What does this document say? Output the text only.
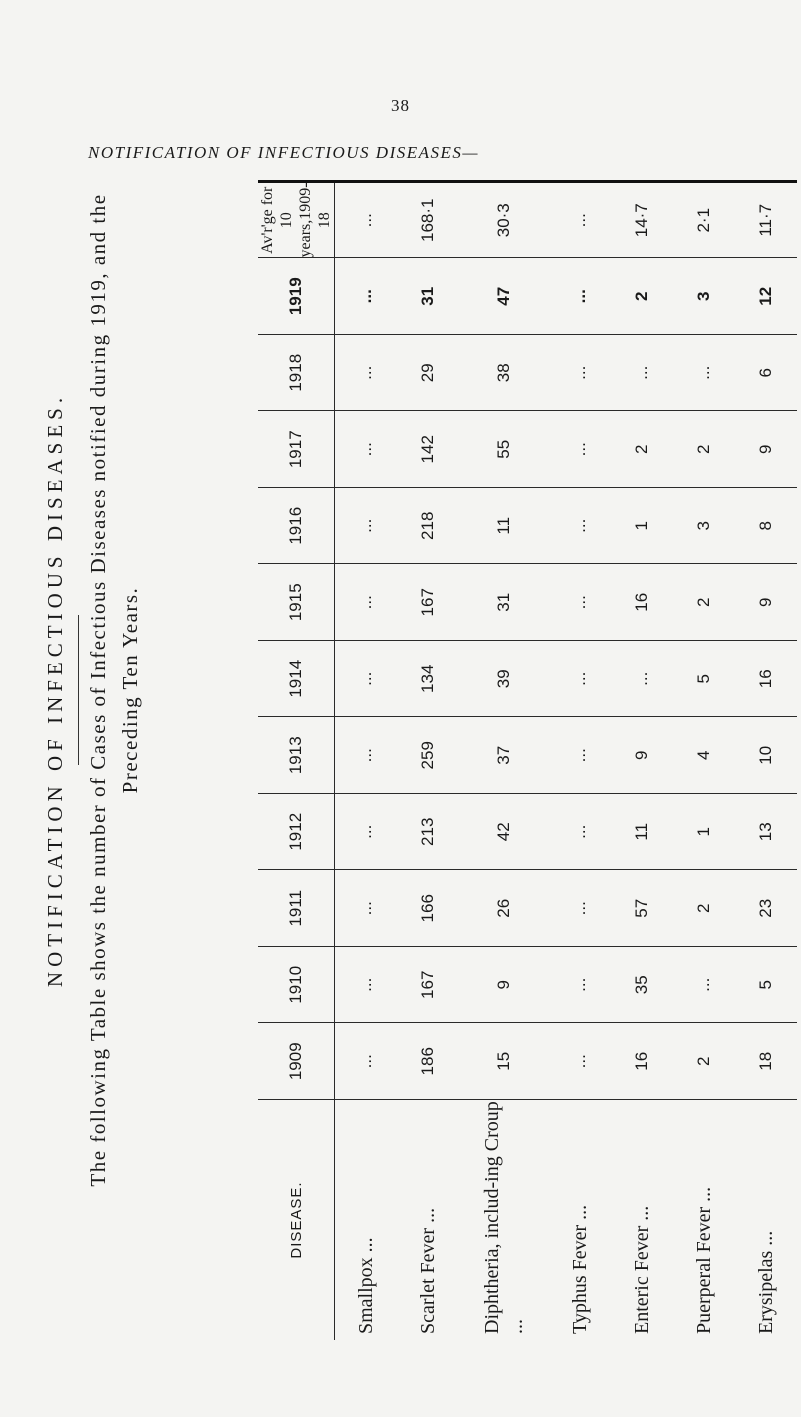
38
NOTIFICATION OF INFECTIOUS DISEASES—
NOTIFICATION OF INFECTIOUS DISEASES. The following Table shows the number of Cases of Infectious Diseases notified during 1919, and the Preceding Ten Years.
DISEASE.	1909	1910	1911	1912	1913	1914	1915	1916	1917	1918	1919	Av'r'ge for 10 years,1909-18
Smallpox ...	...	...	...	...	...	...	...	...	...	...	...	...
Scarlet Fever ...	186	167	166	213	259	134	167	218	142	29	31	168·1
Diphtheria, includ-ing Croup ...	15	9	26	42	37	39	31	11	55	38	47	30·3
Typhus Fever ...	...	...	...	...	...	...	...	...	...	...	...	...
Enteric Fever ...	16	35	57	11	9	...	16	1	2	...	2	14·7
Puerperal Fever ...	2	...	2	1	4	5	2	3	2	...	3	2·1
Erysipelas ...	18	5	23	13	10	16	9	8	9	6	12	11·7
